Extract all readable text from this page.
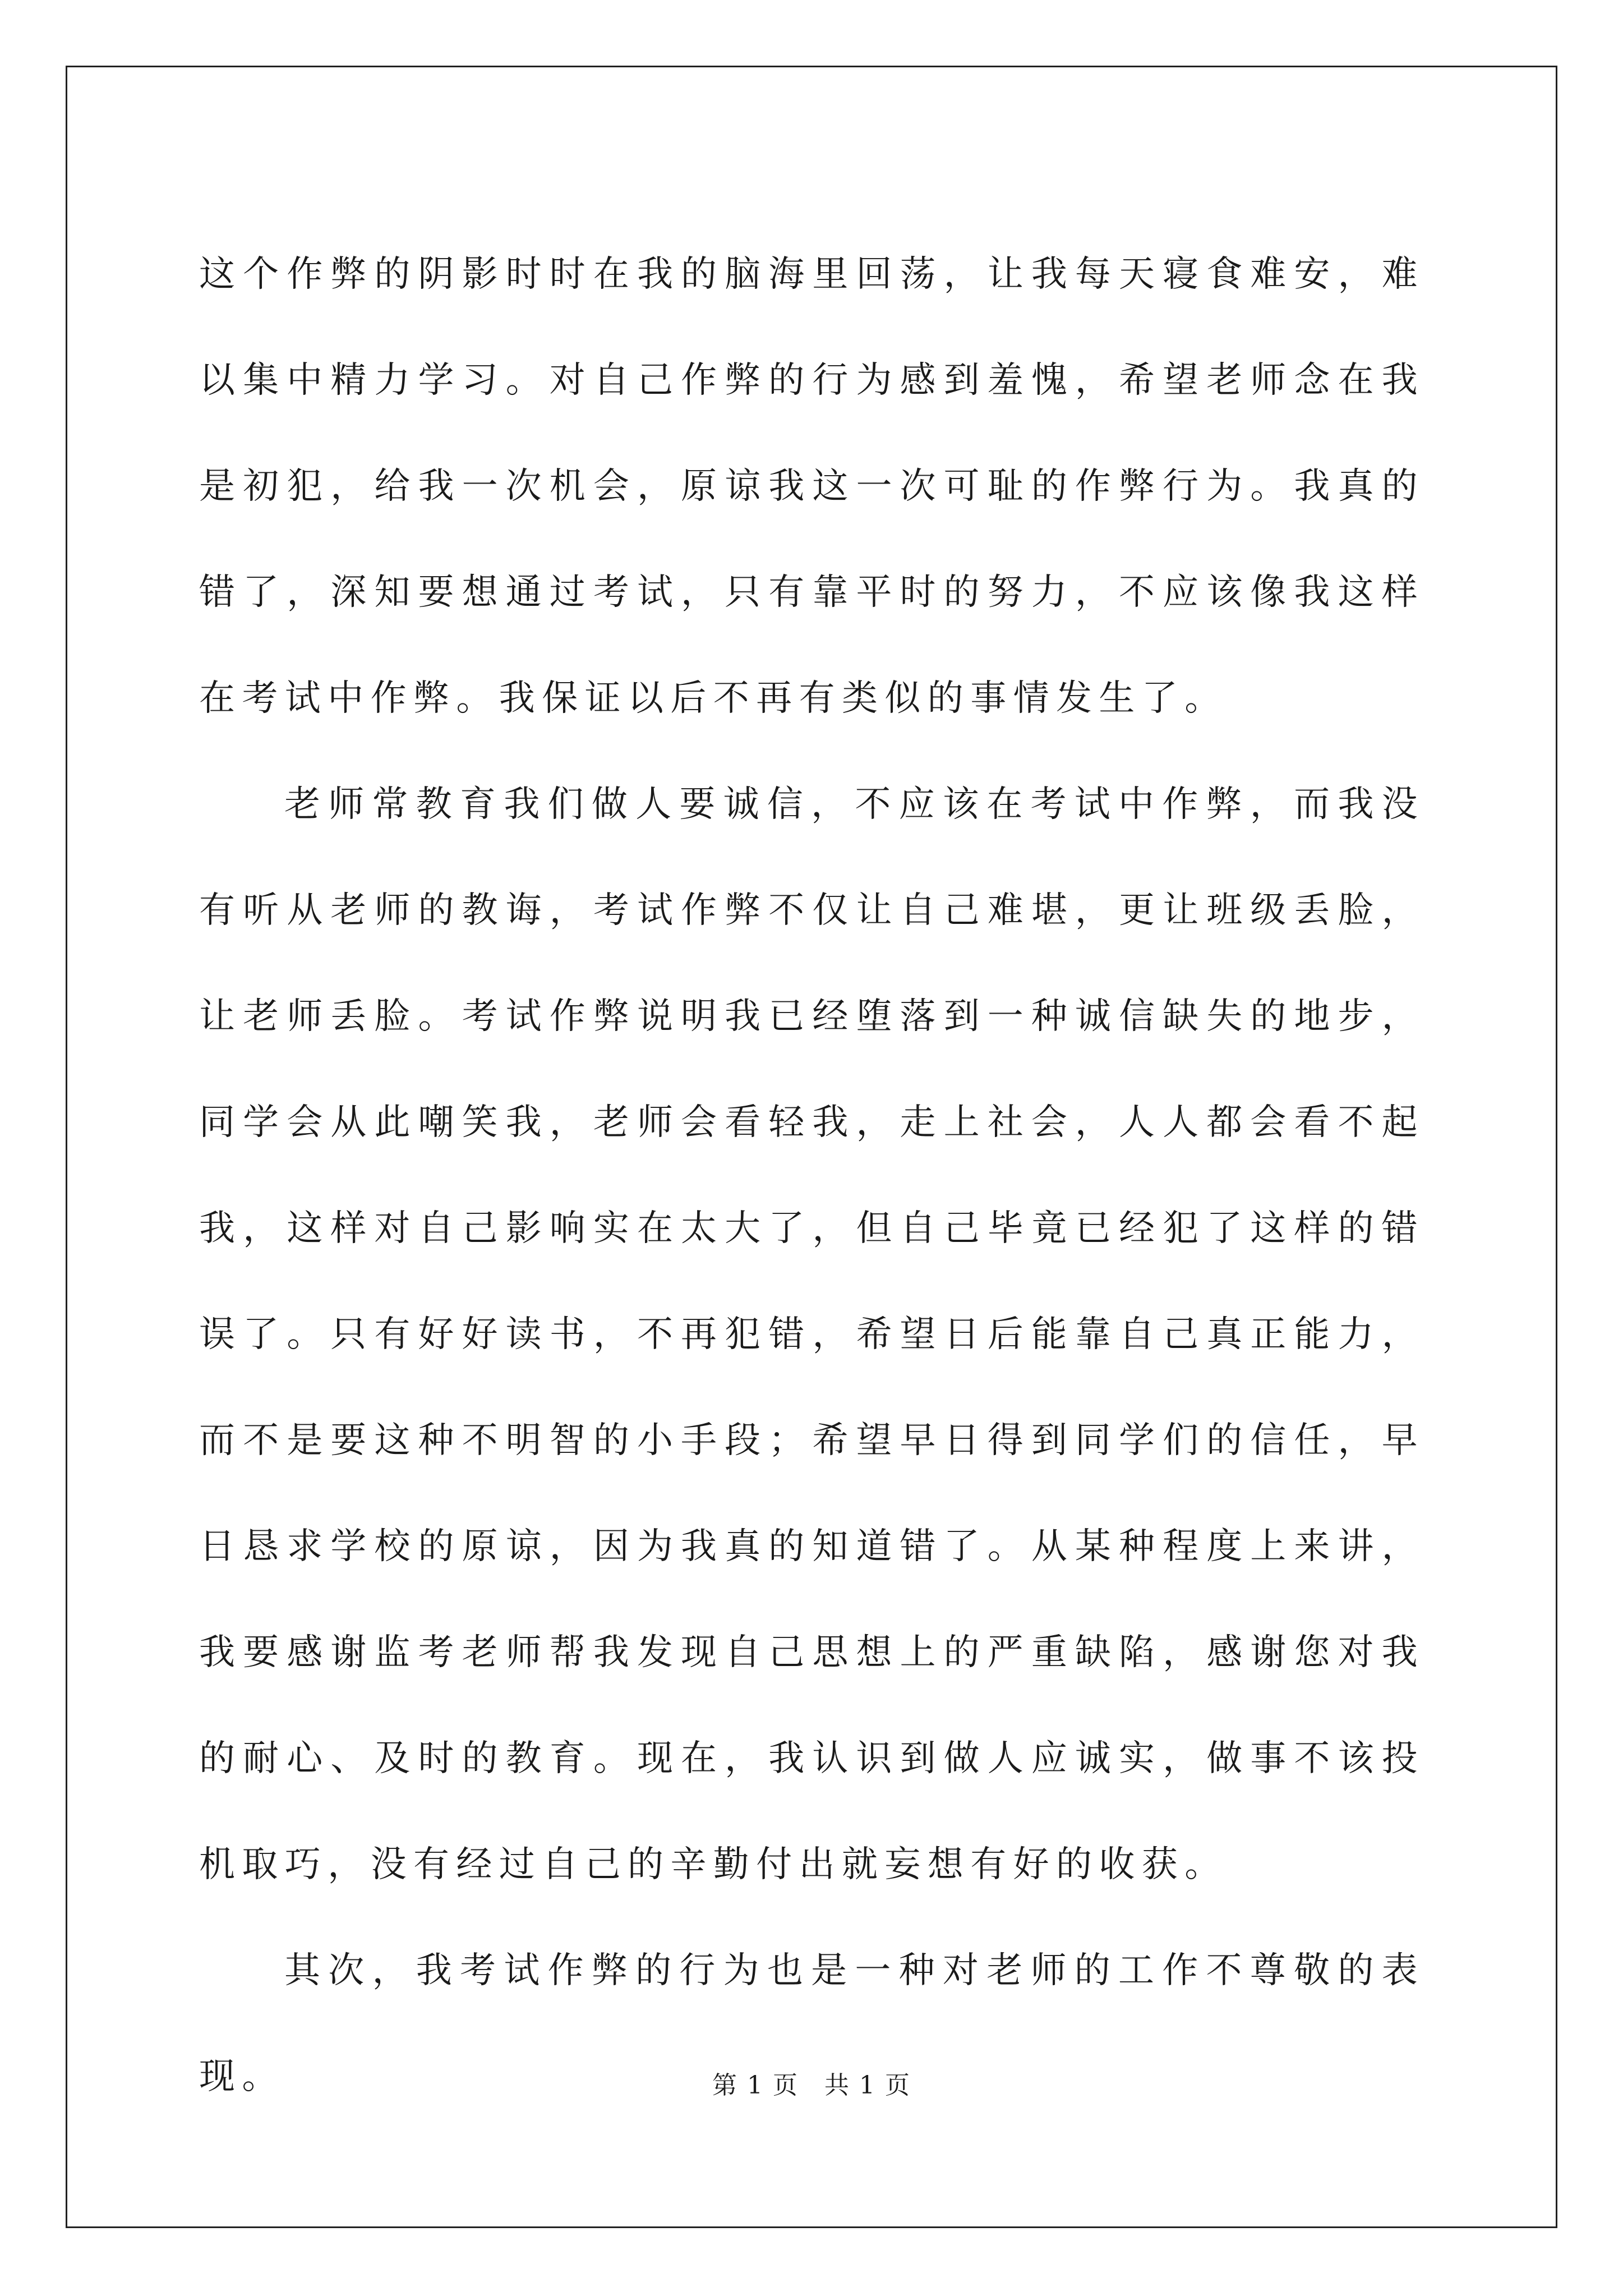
这个作弊的阴影时时在我的脑海里回荡，让我每天寝食难安，难以集中精力学习。对自己作弊的行为感到羞愧，希望老师念在我是初犯，给我一次机会，原谅我这一次可耻的作弊行为。我真的错了，深知要想通过考试，只有靠平时的努力，不应该像我这样在考试中作弊。我保证以后不再有类似的事情发生了。

老师常教育我们做人要诚信，不应该在考试中作弊，而我没有听从老师的教诲，考试作弊不仅让自己难堪，更让班级丢脸，让老师丢脸。考试作弊说明我已经堕落到一种诚信缺失的地步，同学会从此嘲笑我，老师会看轻我，走上社会，人人都会看不起我，这样对自己影响实在太大了，但自己毕竟已经犯了这样的错误了。只有好好读书，不再犯错，希望日后能靠自己真正能力，而不是要这种不明智的小手段；希望早日得到同学们的信任，早日恳求学校的原谅，因为我真的知道错了。从某种程度上来讲，我要感谢监考老师帮我发现自己思想上的严重缺陷，感谢您对我的耐心、及时的教育。现在，我认识到做人应诚实，做事不该投机取巧，没有经过自己的辛勤付出就妄想有好的收获。

其次，我考试作弊的行为也是一种对老师的工作不尊敬的表现。	第 1 页　共 1 页
